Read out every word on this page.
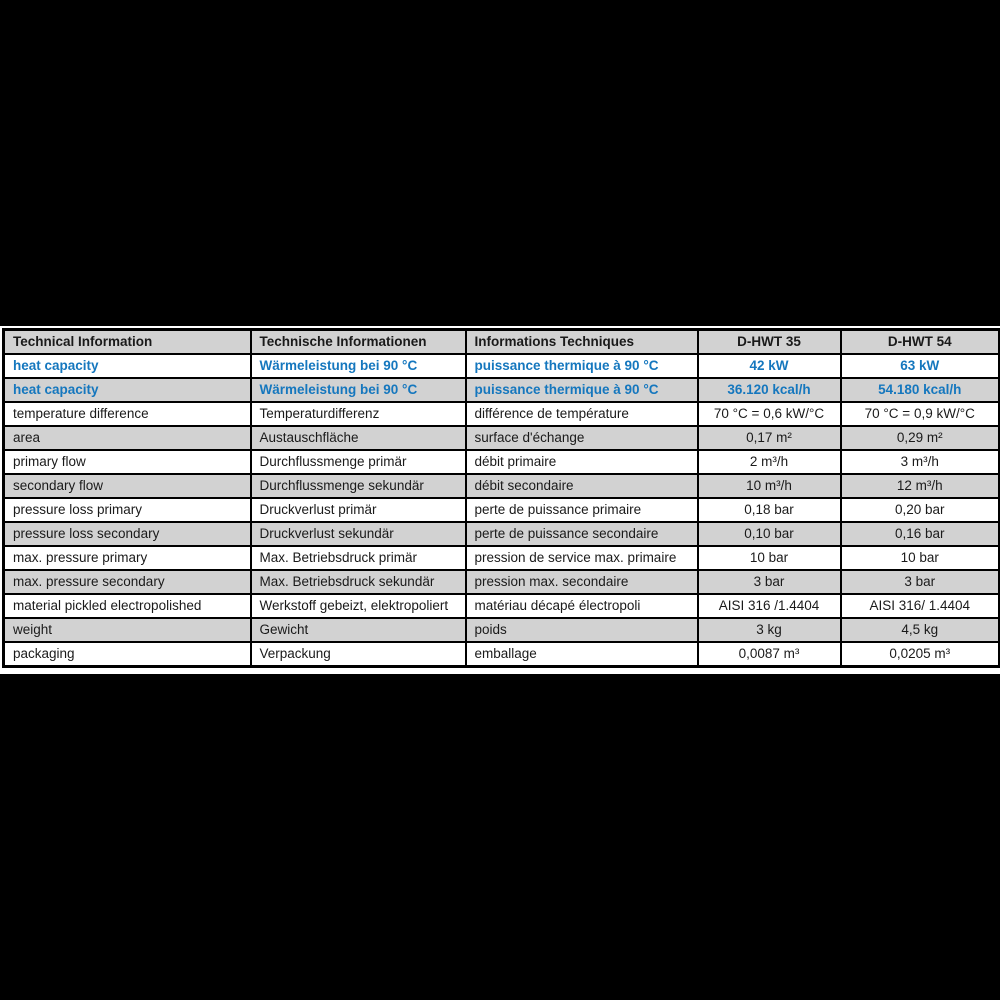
Technical Information	Technische Informationen	Informations Techniques	D-HWT 35	D-HWT 54
heat capacity	Wärmeleistung bei 90 °C	puissance thermique à 90 °C	42 kW	63 kW
heat capacity	Wärmeleistung bei 90 °C	puissance thermique à 90 °C	36.120 kcal/h	54.180 kcal/h
temperature difference	Temperaturdifferenz	différence de température	70 °C = 0,6 kW/°C	70 °C = 0,9 kW/°C
area	Austauschfläche	surface d'échange	0,17 m²	0,29 m²
primary flow	Durchflussmenge primär	débit primaire	2 m³/h	3 m³/h
secondary flow	Durchflussmenge sekundär	débit secondaire	10 m³/h	12 m³/h
pressure loss primary	Druckverlust primär	perte de puissance primaire	0,18 bar	0,20 bar
pressure loss secondary	Druckverlust sekundär	perte de puissance secondaire	0,10 bar	0,16 bar
max. pressure primary	Max. Betriebsdruck primär	pression de service max. primaire	10 bar	10 bar
max. pressure secondary	Max. Betriebsdruck sekundär	pression max. secondaire	3 bar	3 bar
material pickled electropolished	Werkstoff gebeizt, elektropoliert	matériau décapé électropoli	AISI 316 /1.4404	AISI 316/ 1.4404
weight	Gewicht	poids	3 kg	4,5 kg
packaging	Verpackung	emballage	0,0087 m³	0,0205 m³
